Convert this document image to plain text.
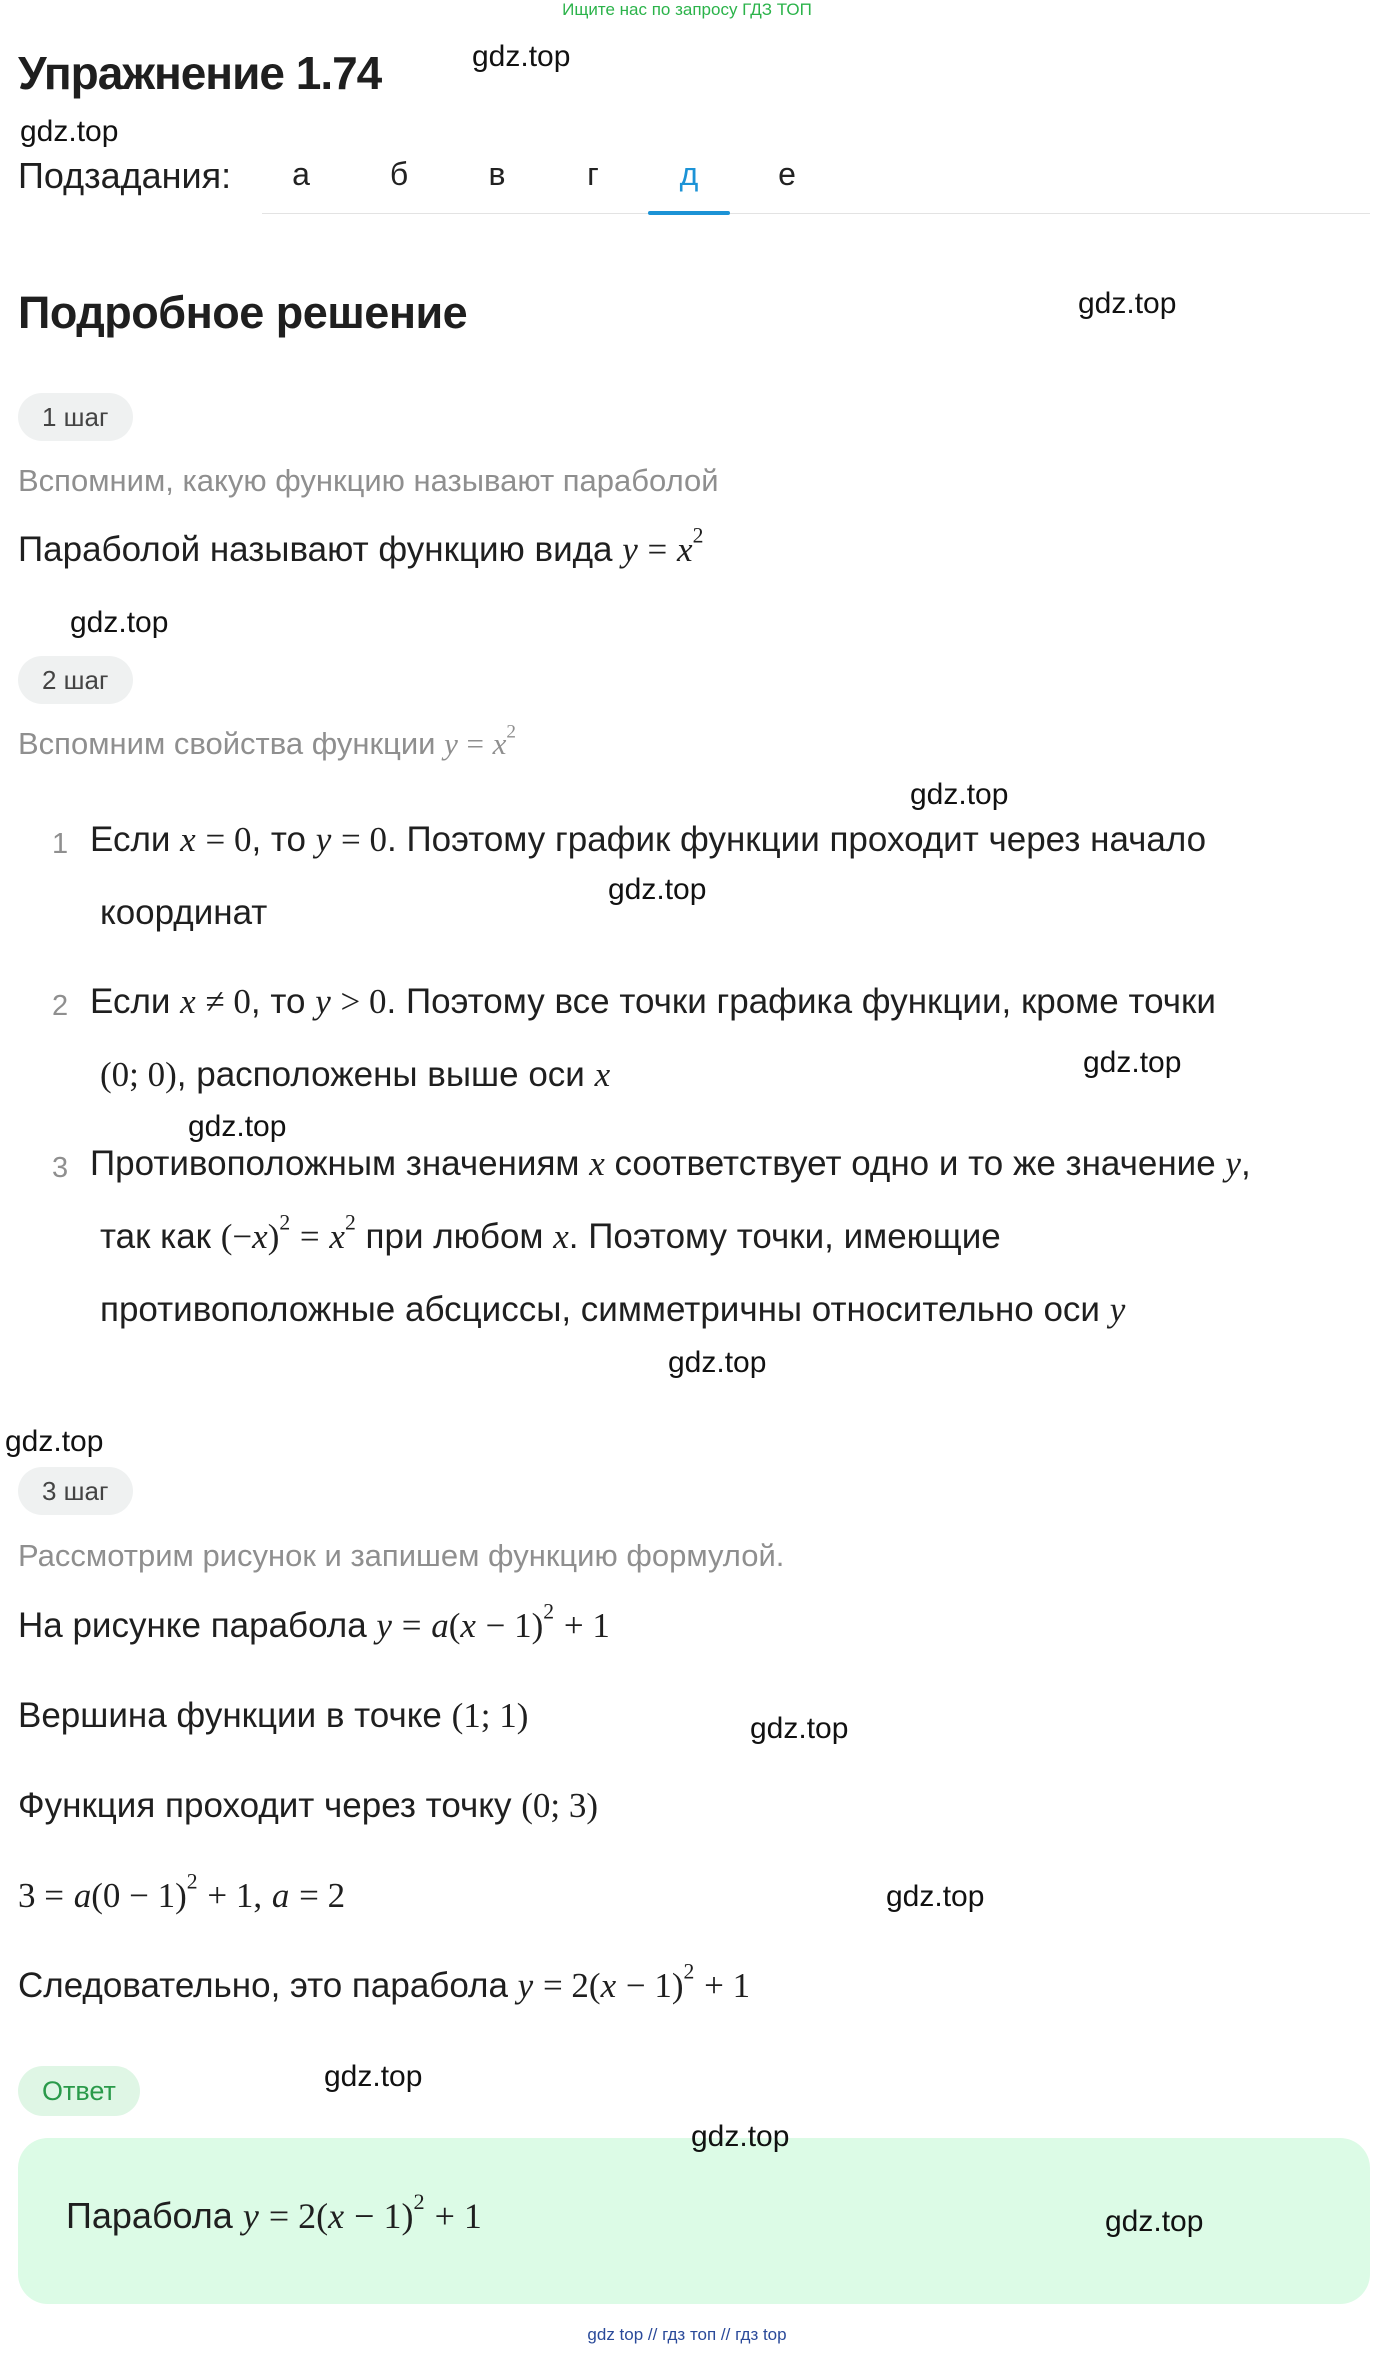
Ищите нас по запросу ГДЗ ТОП
Упражнение 1.74	gdz.top
gdz.top
Подзадания:	а	б	в	г	д	е
Подробное решение	gdz.top
1 шаг
Вспомним, какую функцию называют параболой
Параболой называют функцию вида $y = x^2$
gdz.top
2 шаг
Вспомним свойства функции $y = x^2$
gdz.top
1 Если x = 0, то y = 0. Поэтому график функции проходит через начало
координат
gdz.top
2 Если x ≠ 0, то y > 0. Поэтому все точки графика функции, кроме точки
(0; 0), расположены выше оси x	gdz.top
gdz.top
3 Противоположным значениям x соответствует одно и то же значение y,
так как $(-x)^2 = x^2$ при любом x. Поэтому точки, имеющие
противоположные абсциссы, симметричны относительно оси y
gdz.top
gdz.top
3 шаг
Рассмотрим рисунок и запишем функцию формулой.
На рисунке парабола $y = a(x - 1)^2 + 1$
Вершина функции в точке (1; 1)	gdz.top
Функция проходит через точку (0; 3)
$3 = a(0 - 1)^2 + 1$, a = 2	gdz.top
Следовательно, это парабола $y = 2(x - 1)^2 + 1$
gdz.top
Ответ
gdz.top
Парабола $y = 2(x - 1)^2 + 1$	gdz.top
gdz top // гдз топ // гдз top
